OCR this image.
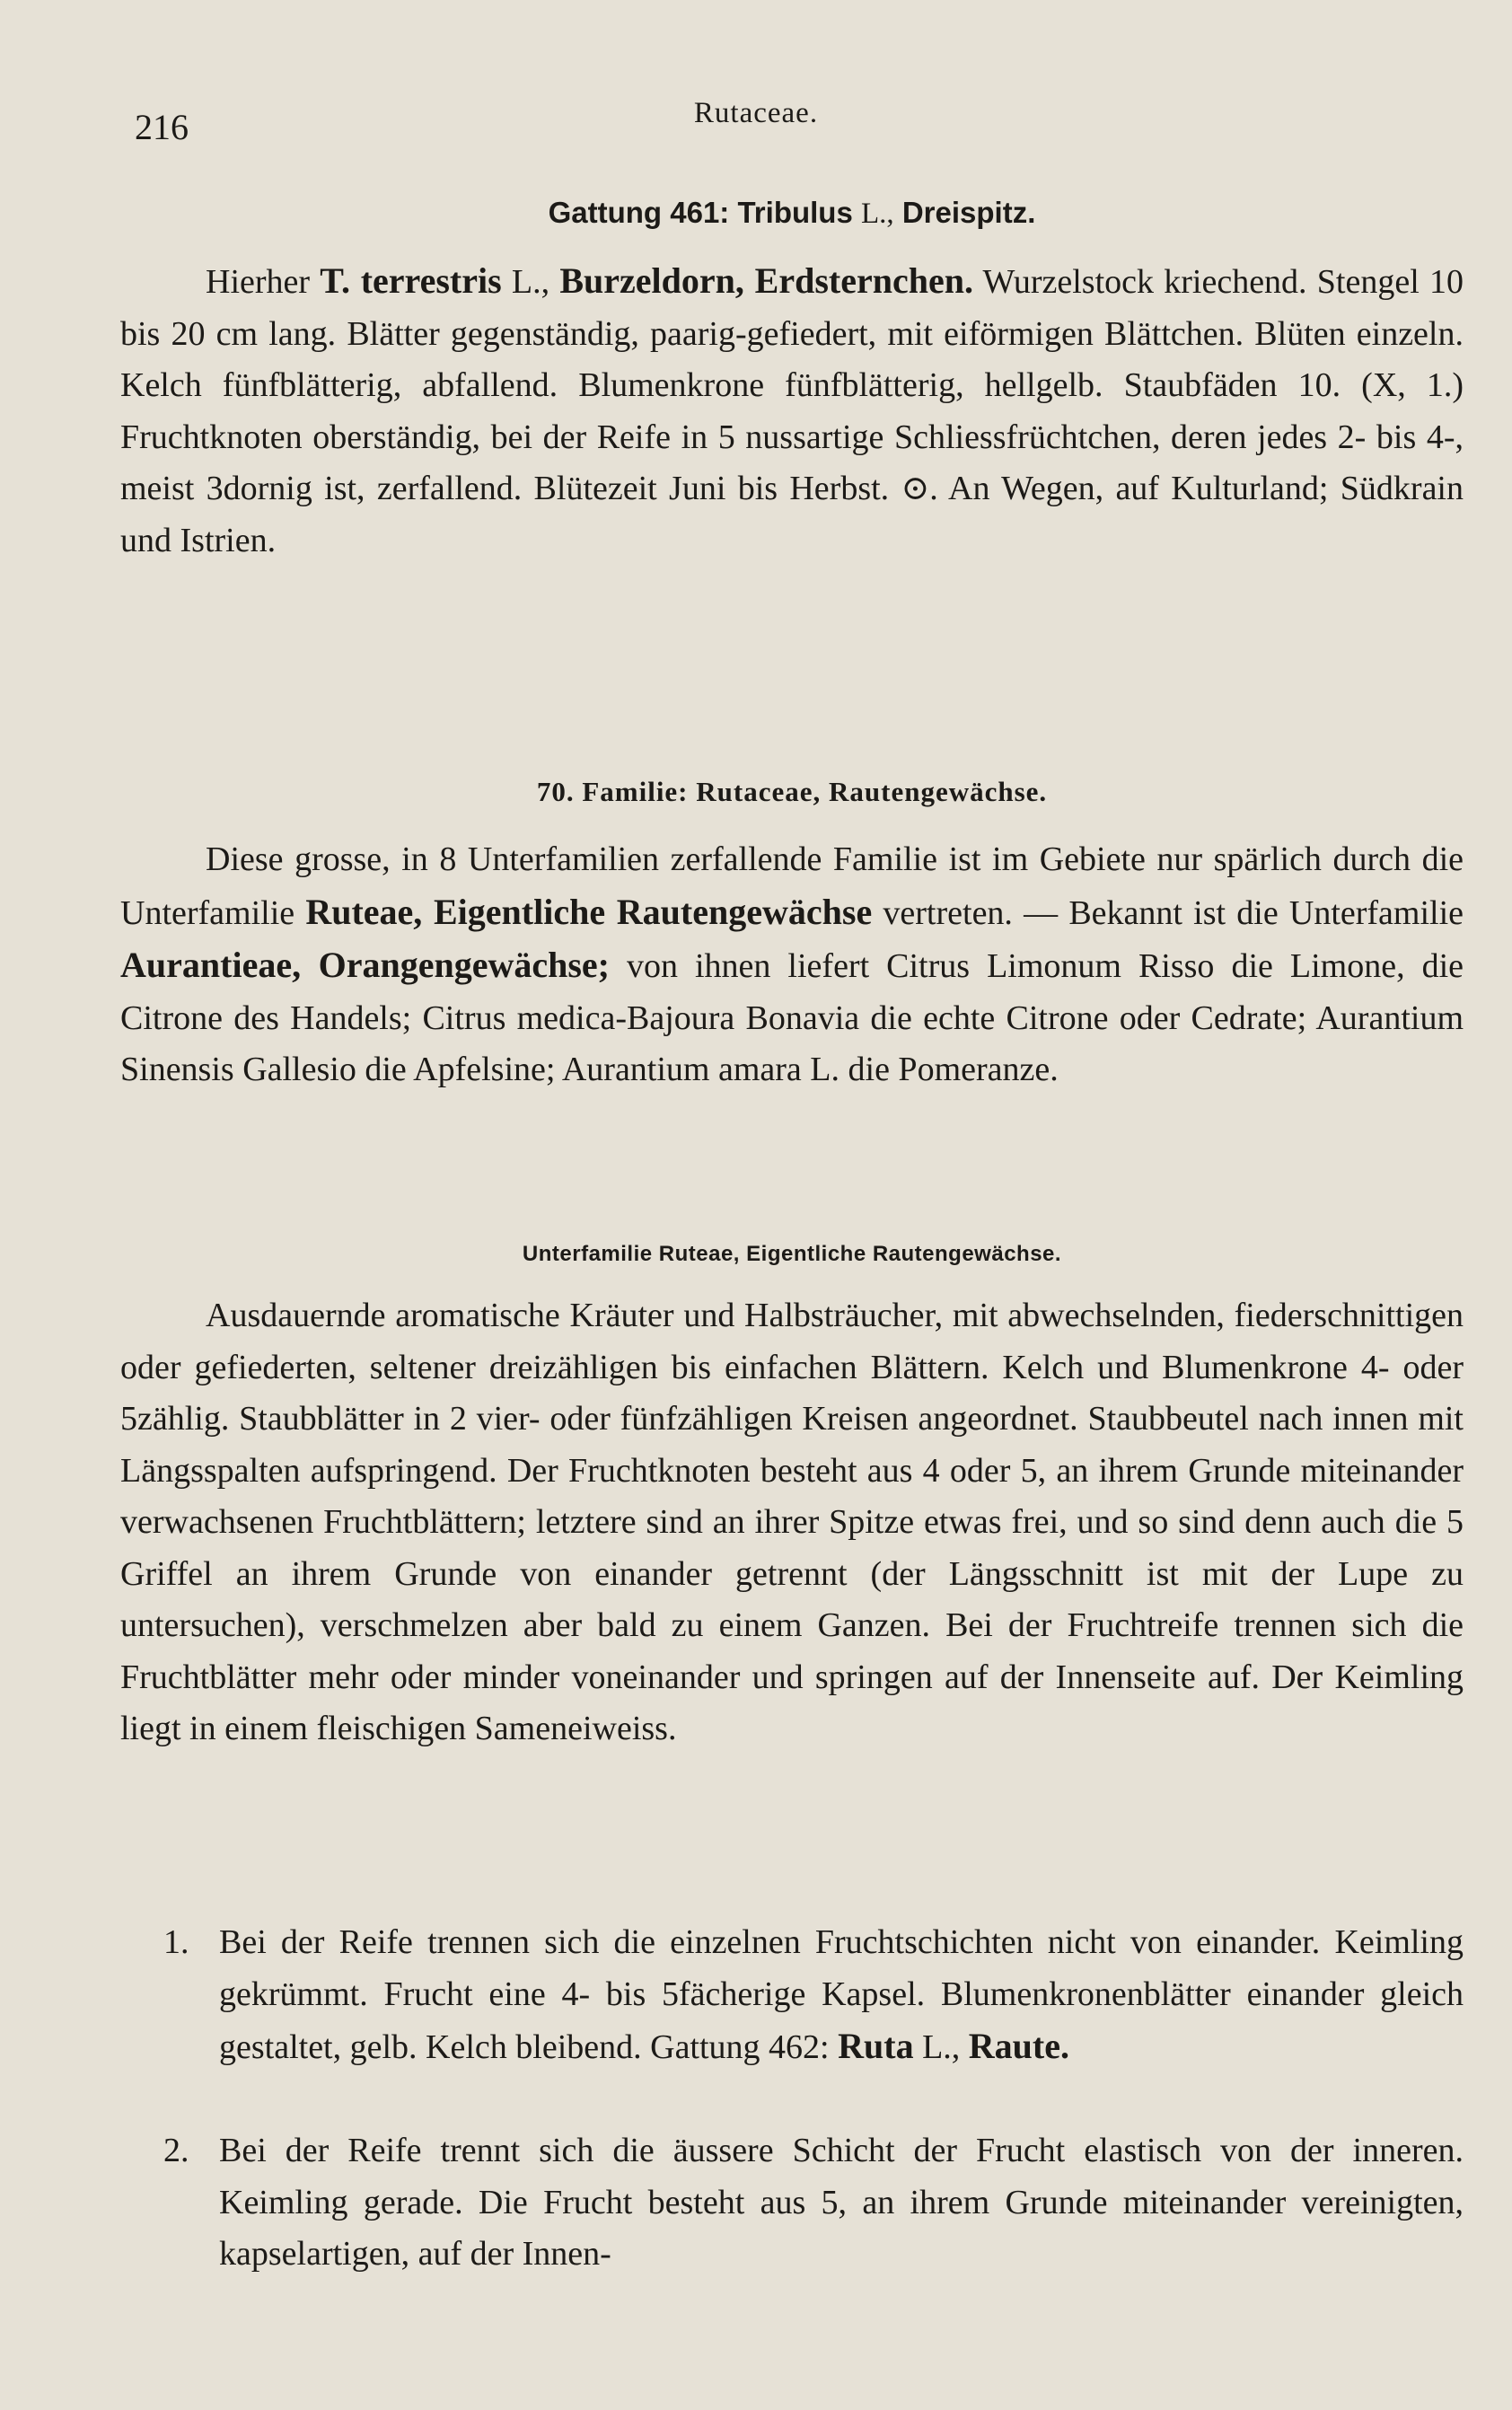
216	Rutaceae.
Gattung 461: Tribulus L., Dreispitz.
Hierher T. terrestris L., Burzeldorn, Erdsternchen. Wurzelstock kriechend. Stengel 10 bis 20 cm lang. Blätter gegenständig, paarig-gefiedert, mit eiförmigen Blättchen. Blüten einzeln. Kelch fünfblätterig, abfallend. Blumenkrone fünfblätterig, hellgelb. Staubfäden 10. (X, 1.) Fruchtknoten oberständig, bei der Reife in 5 nussartige Schliessfrüchtchen, deren jedes 2- bis 4-, meist 3dornig ist, zerfallend. Blütezeit Juni bis Herbst. ⊙. An Wegen, auf Kulturland; Südkrain und Istrien.
70. Familie: Rutaceae, Rautengewächse.
Diese grosse, in 8 Unterfamilien zerfallende Familie ist im Gebiete nur spärlich durch die Unterfamilie Ruteae, Eigentliche Rautengewächse vertreten. — Bekannt ist die Unterfamilie Aurantieae, Orangengewächse; von ihnen liefert Citrus Limonum Risso die Limone, die Citrone des Handels; Citrus medica-Bajoura Bonavia die echte Citrone oder Cedrate; Aurantium Sinensis Gallesio die Apfelsine; Aurantium amara L. die Pomeranze.
Unterfamilie Ruteae, Eigentliche Rautengewächse.
Ausdauernde aromatische Kräuter und Halbsträucher, mit abwechselnden, fiederschnittigen oder gefiederten, seltener dreizähligen bis einfachen Blättern. Kelch und Blumenkrone 4- oder 5zählig. Staubblätter in 2 vier- oder fünfzähligen Kreisen angeordnet. Staubbeutel nach innen mit Längsspalten aufspringend. Der Fruchtknoten besteht aus 4 oder 5, an ihrem Grunde miteinander verwachsenen Fruchtblättern; letztere sind an ihrer Spitze etwas frei, und so sind denn auch die 5 Griffel an ihrem Grunde von einander getrennt (der Längsschnitt ist mit der Lupe zu untersuchen), verschmelzen aber bald zu einem Ganzen. Bei der Fruchtreife trennen sich die Fruchtblätter mehr oder minder voneinander und springen auf der Innenseite auf. Der Keimling liegt in einem fleischigen Sameneiweiss.
1. Bei der Reife trennen sich die einzelnen Fruchtschichten nicht von einander. Keimling gekrümmt. Frucht eine 4- bis 5fächerige Kapsel. Blumenkronenblätter einander gleich gestaltet, gelb. Kelch bleibend. Gattung 462: Ruta L., Raute.
2. Bei der Reife trennt sich die äussere Schicht der Frucht elastisch von der inneren. Keimling gerade. Die Frucht besteht aus 5, an ihrem Grunde miteinander vereinigten, kapselartigen, auf der Innen-
